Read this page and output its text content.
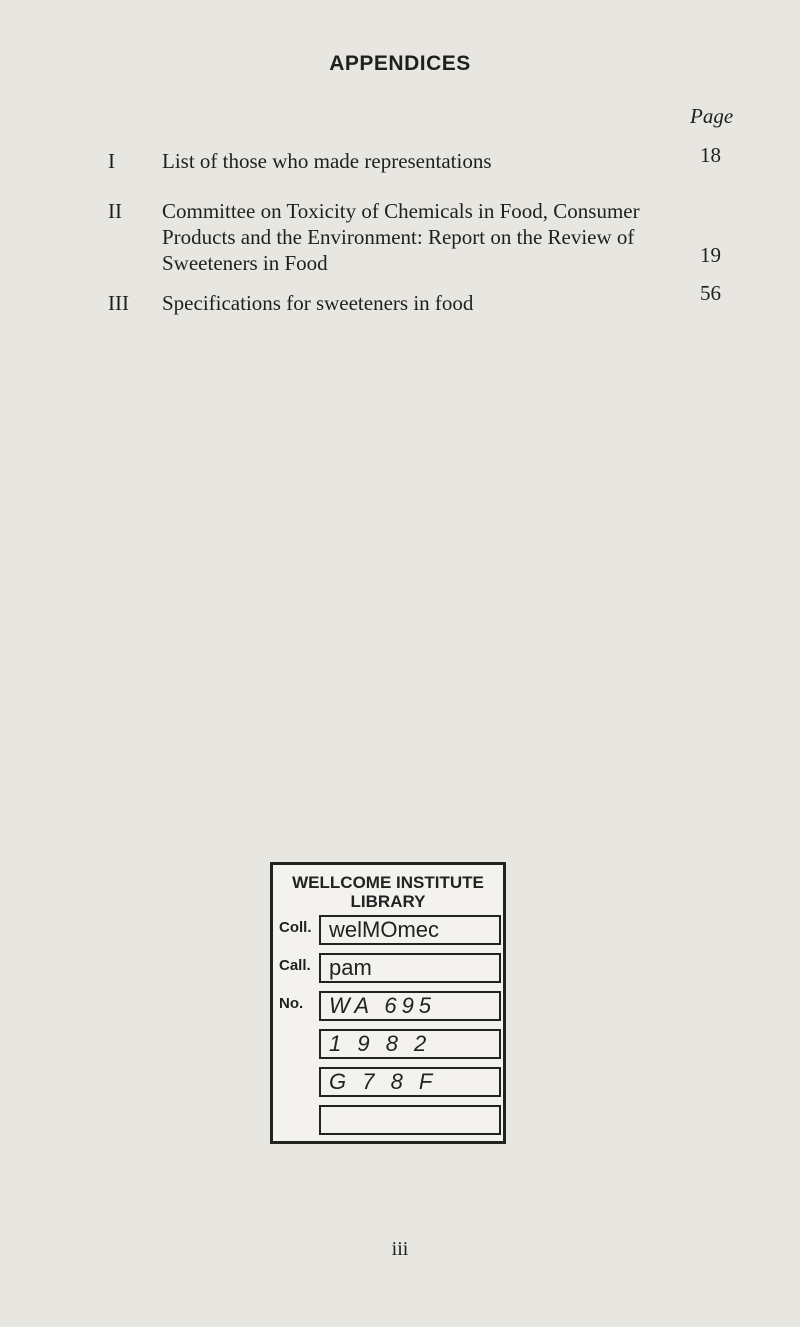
APPENDICES
Page
I List of those who made representations	18
II Committee on Toxicity of Chemicals in Food, Consumer Products and the Environment: Report on the Review of Sweeteners in Food	19
III Specifications for sweeteners in food	56
WELLCOME INSTITUTE
LIBRARY
Coll. welMOmec
Call. pam
No.	WA 695
1 9 8 2
G 7 8 F
iii
